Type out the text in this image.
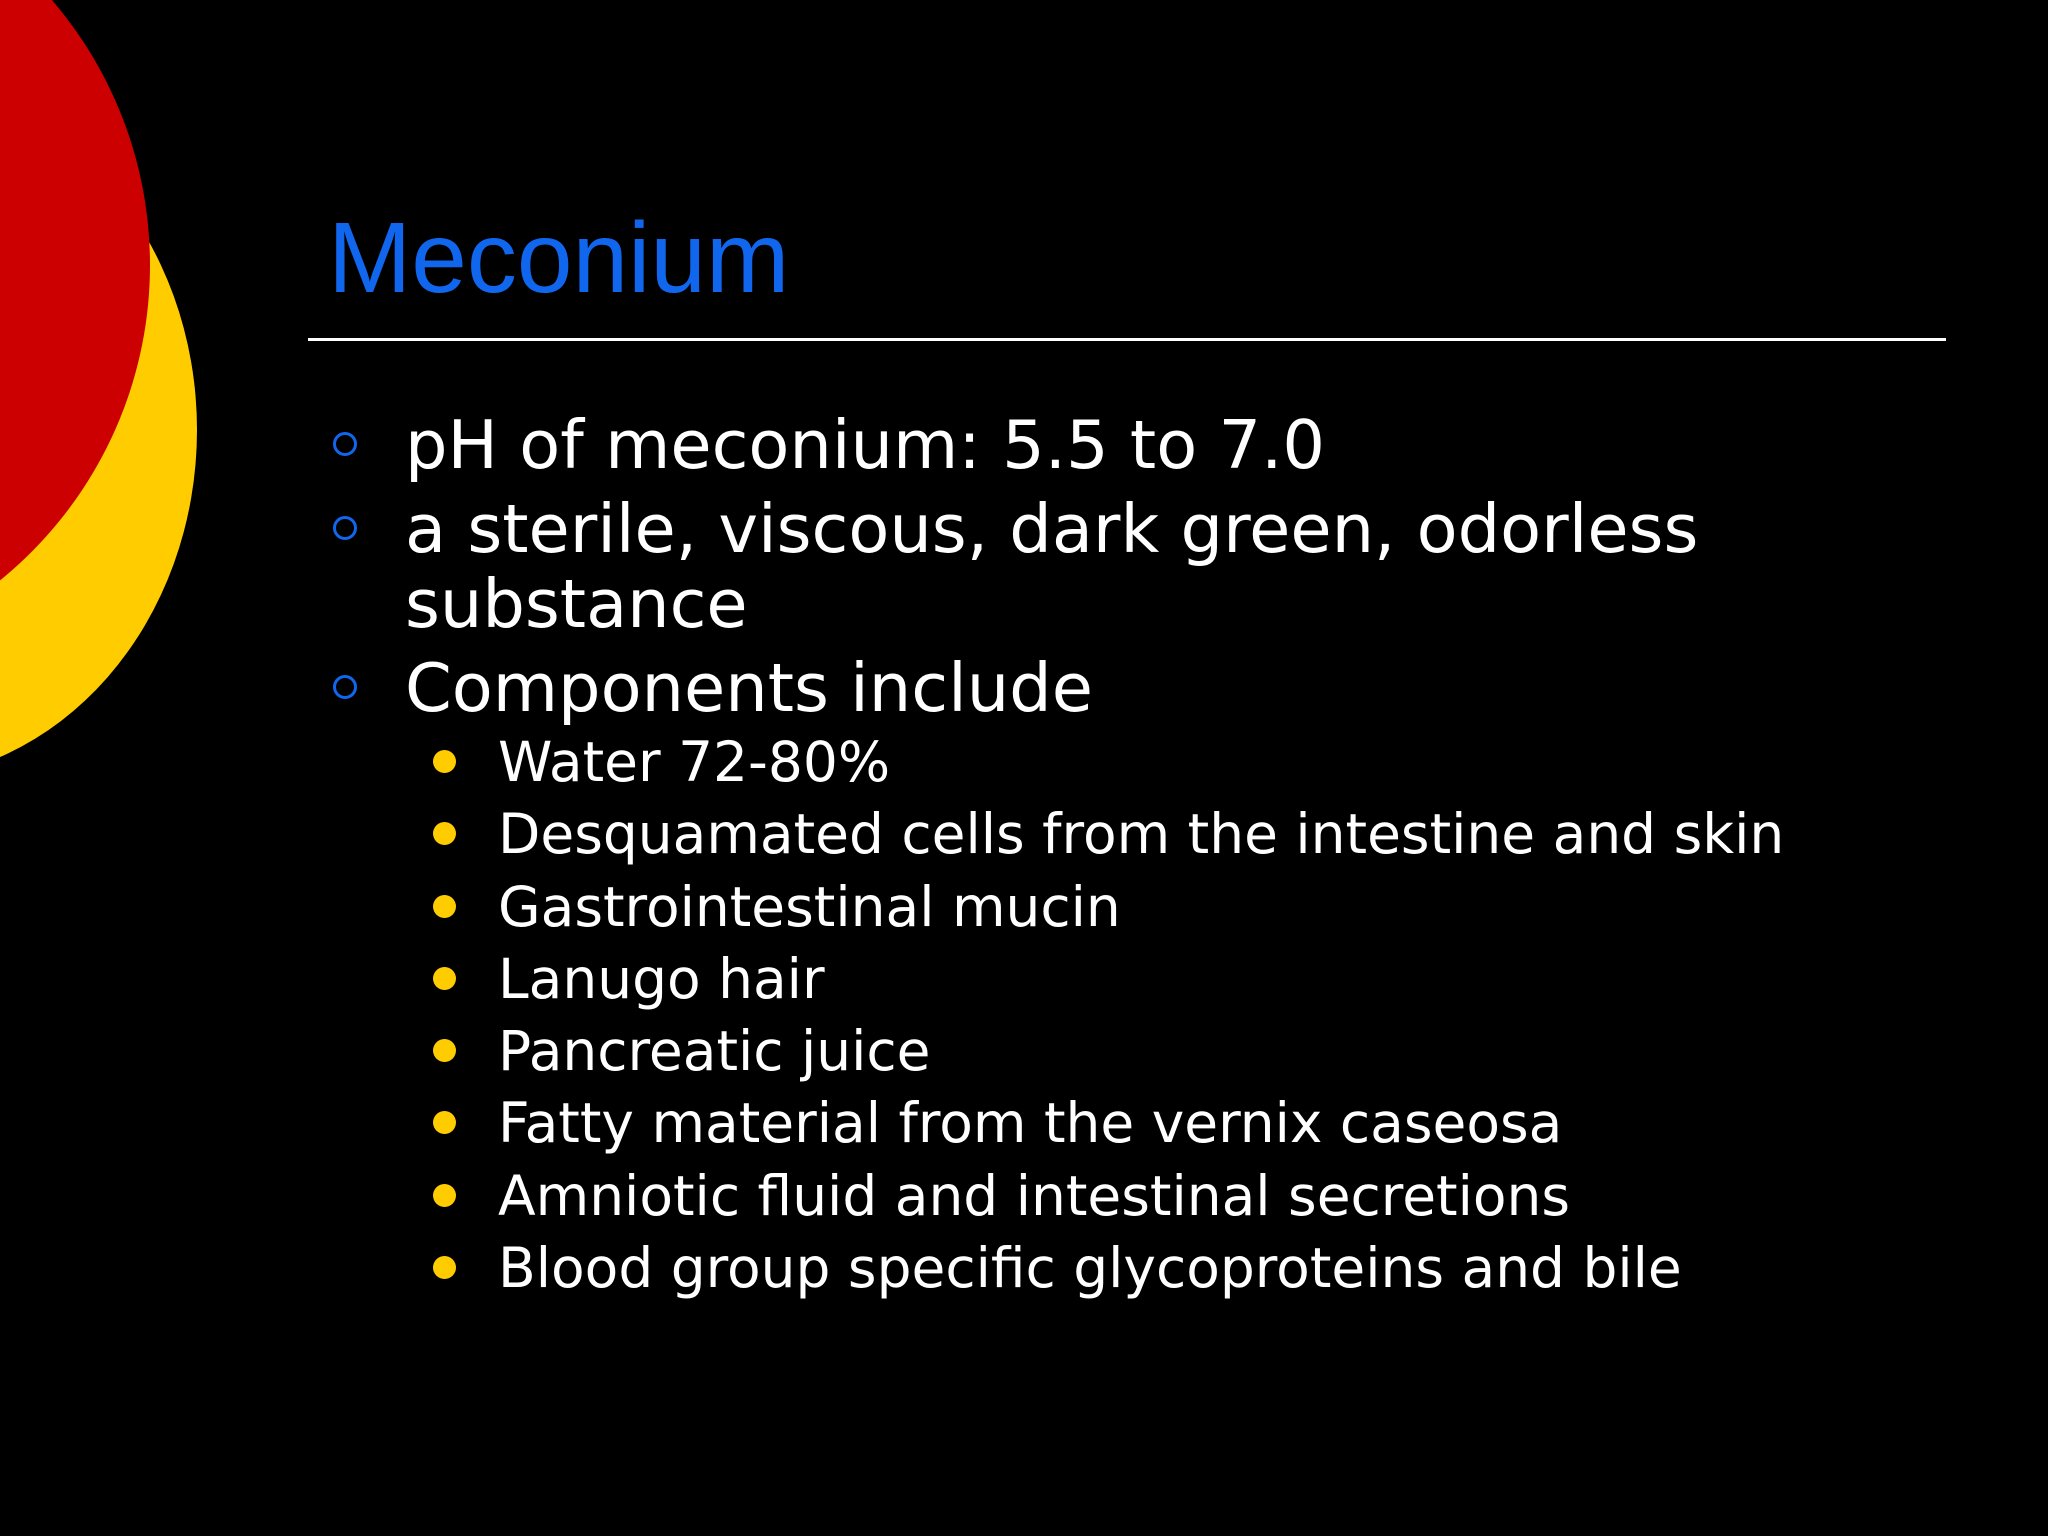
Meconium
pH of meconium: 5.5 to 7.0
a sterile, viscous, dark green, odorless substance
Components include
Water 72-80%
Desquamated cells from the intestine and skin
Gastrointestinal mucin
Lanugo hair
Pancreatic juice
Fatty material from the vernix caseosa
Amniotic fluid and intestinal secretions
Blood group specific glycoproteins and bile
